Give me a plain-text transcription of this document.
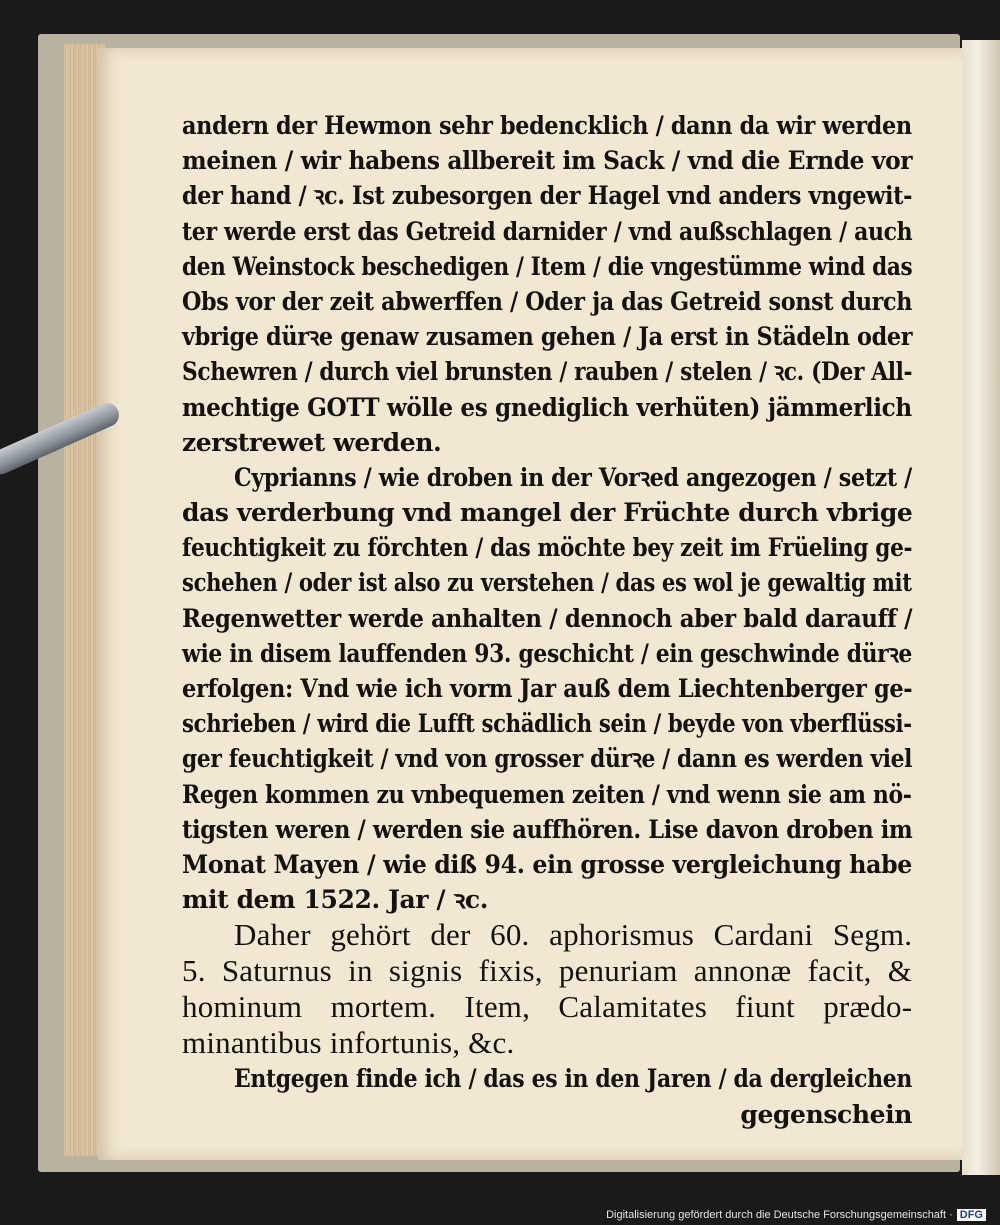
andern der Hewmon sehr bedencklich / dann da wir werden
meinen / wir habens allbereit im Sack / vnd die Ernde vor
der hand / ꝛc. Ist zubesorgen der Hagel vnd anders vngewit-
ter werde erst das Getreid darnider / vnd außschlagen / auch
den Weinstock beschedigen / Item / die vngestümme wind das
Obs vor der zeit abwerffen / Oder ja das Getreid sonst durch
vbrige dürꝛe genaw zusamen gehen / Ja erst in Städeln oder
Schewren / durch viel brunsten / rauben / stelen / ꝛc. (Der All-
mechtige GOTT wölle es gnediglich verhüten) jämmerlich
zerstrewet werden.
Cyprianns / wie droben in der Vorꝛed angezogen / setzt /
das verderbung vnd mangel der Früchte durch vbrige
feuchtigkeit zu förchten / das möchte bey zeit im Früeling ge-
schehen / oder ist also zu verstehen / das es wol je gewaltig mit
Regenwetter werde anhalten / dennoch aber bald darauff /
wie in disem lauffenden 93. geschicht / ein geschwinde dürꝛe
erfolgen: Vnd wie ich vorm Jar auß dem Liechtenberger ge-
schrieben / wird die Lufft schädlich sein / beyde von vberflüssi-
ger feuchtigkeit / vnd von grosser dürꝛe / dann es werden viel
Regen kommen zu vnbequemen zeiten / vnd wenn sie am nö-
tigsten weren / werden sie auffhören. Lise davon droben im
Monat Mayen / wie diß 94. ein grosse vergleichung habe
mit dem 1522. Jar / ꝛc.
Daher gehört der 60. aphorismus Cardani Segm.
5. Saturnus in signis fixis, penuriam annonæ facit, &
hominum mortem. Item, Calamitates fiunt prædo-
minantibus infortunis, &c.
Entgegen finde ich / das es in den Jaren / da dergleichen
gegenschein
Digitalisierung gefördert durch die Deutsche Forschungsgemeinschaft · DFG
